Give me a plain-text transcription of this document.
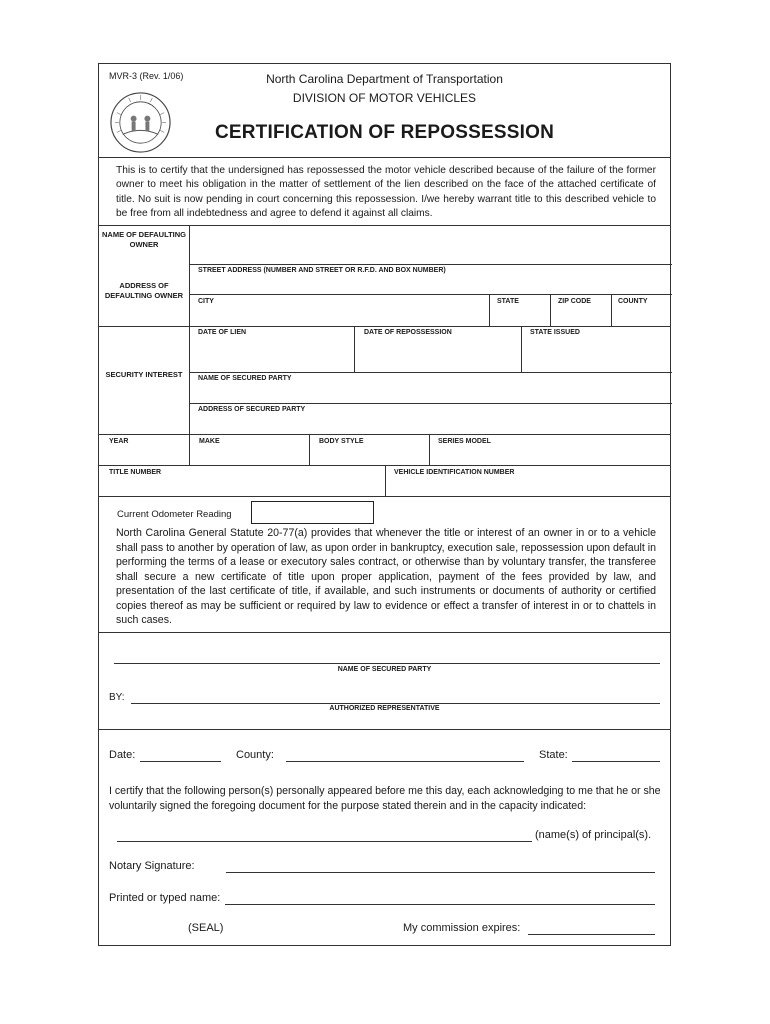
MVR-3 (Rev. 1/06)	North Carolina Department of Transportation
DIVISION OF MOTOR VEHICLES
CERTIFICATION OF REPOSSESSION
This is to certify that the undersigned has repossessed the motor vehicle described because of the failure of the former owner to meet his obligation in the matter of settlement of the lien described on the face of the attached certificate of title. No suit is now pending in court concerning this repossession. I/we hereby warrant title to this described vehicle to be free from all indebtedness and agree to defend it against all claims.
NAME OF DEFAULTING OWNER
ADDRESS OF DEFAULTING OWNER
STREET ADDRESS (NUMBER AND STREET OR R.F.D. AND BOX NUMBER)
CITY	STATE	ZIP CODE	COUNTY
SECURITY INTEREST
DATE OF LIEN	DATE OF REPOSSESSION	STATE ISSUED
NAME OF SECURED PARTY
ADDRESS OF SECURED PARTY
YEAR	MAKE	BODY STYLE	SERIES MODEL
TITLE NUMBER	VEHICLE IDENTIFICATION NUMBER
Current Odometer Reading
North Carolina General Statute 20-77(a) provides that whenever the title or interest of an owner in or to a vehicle shall pass to another by operation of law, as upon order in bankruptcy, execution sale, repossession upon default in performing the terms of a lease or executory sales contract, or otherwise than by voluntary transfer, the transferee shall secure a new certificate of title upon proper application, payment of the fees provided by law, and presentation of the last certificate of title, if available, and such instruments or documents of authority or certified copies thereof as may be sufficient or required by law to evidence or effect a transfer of interest in or to chattels in such cases.
NAME OF SECURED PARTY
BY:
AUTHORIZED REPRESENTATIVE
Date:	County:	State:
I certify that the following person(s) personally appeared before me this day, each acknowledging to me that he or she voluntarily signed the foregoing document for the purpose stated therein and in the capacity indicated:
(name(s) of principal(s).
Notary Signature:
Printed or typed name:
(SEAL)	My commission expires:
